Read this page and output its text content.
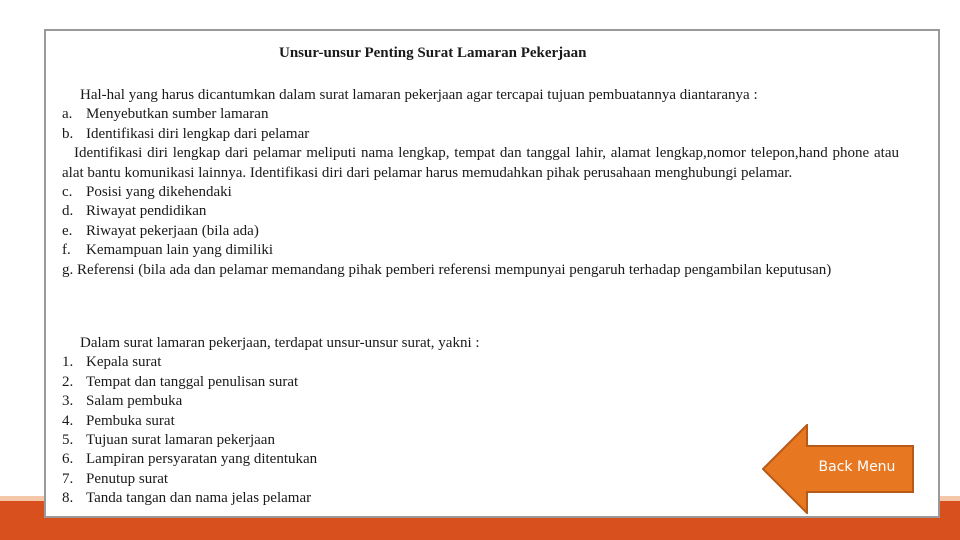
Unsur-unsur Penting Surat Lamaran Pekerjaan
Hal-hal yang harus dicantumkan dalam surat lamaran pekerjaan agar tercapai tujuan pembuatannya diantaranya :
a. Menyebutkan sumber lamaran
b. Identifikasi diri lengkap dari pelamar
Identifikasi diri lengkap dari pelamar meliputi nama lengkap, tempat dan tanggal lahir, alamat lengkap,nomor telepon,hand phone atau alat bantu komunikasi lainnya. Identifikasi diri dari pelamar harus memudahkan pihak perusahaan menghubungi pelamar.
c. Posisi yang dikehendaki
d. Riwayat pendidikan
e. Riwayat pekerjaan (bila ada)
f.	Kemampuan lain yang dimiliki
g. Referensi (bila ada dan pelamar memandang pihak pemberi referensi mempunyai pengaruh terhadap pengambilan keputusan)
Dalam surat lamaran pekerjaan, terdapat unsur-unsur surat, yakni :
1. Kepala surat
2. Tempat dan tanggal penulisan surat
3. Salam pembuka
4. Pembuka surat
5. Tujuan surat lamaran pekerjaan
6. Lampiran persyaratan yang ditentukan
7. Penutup surat
8. Tanda tangan dan nama jelas pelamar
Back Menu
